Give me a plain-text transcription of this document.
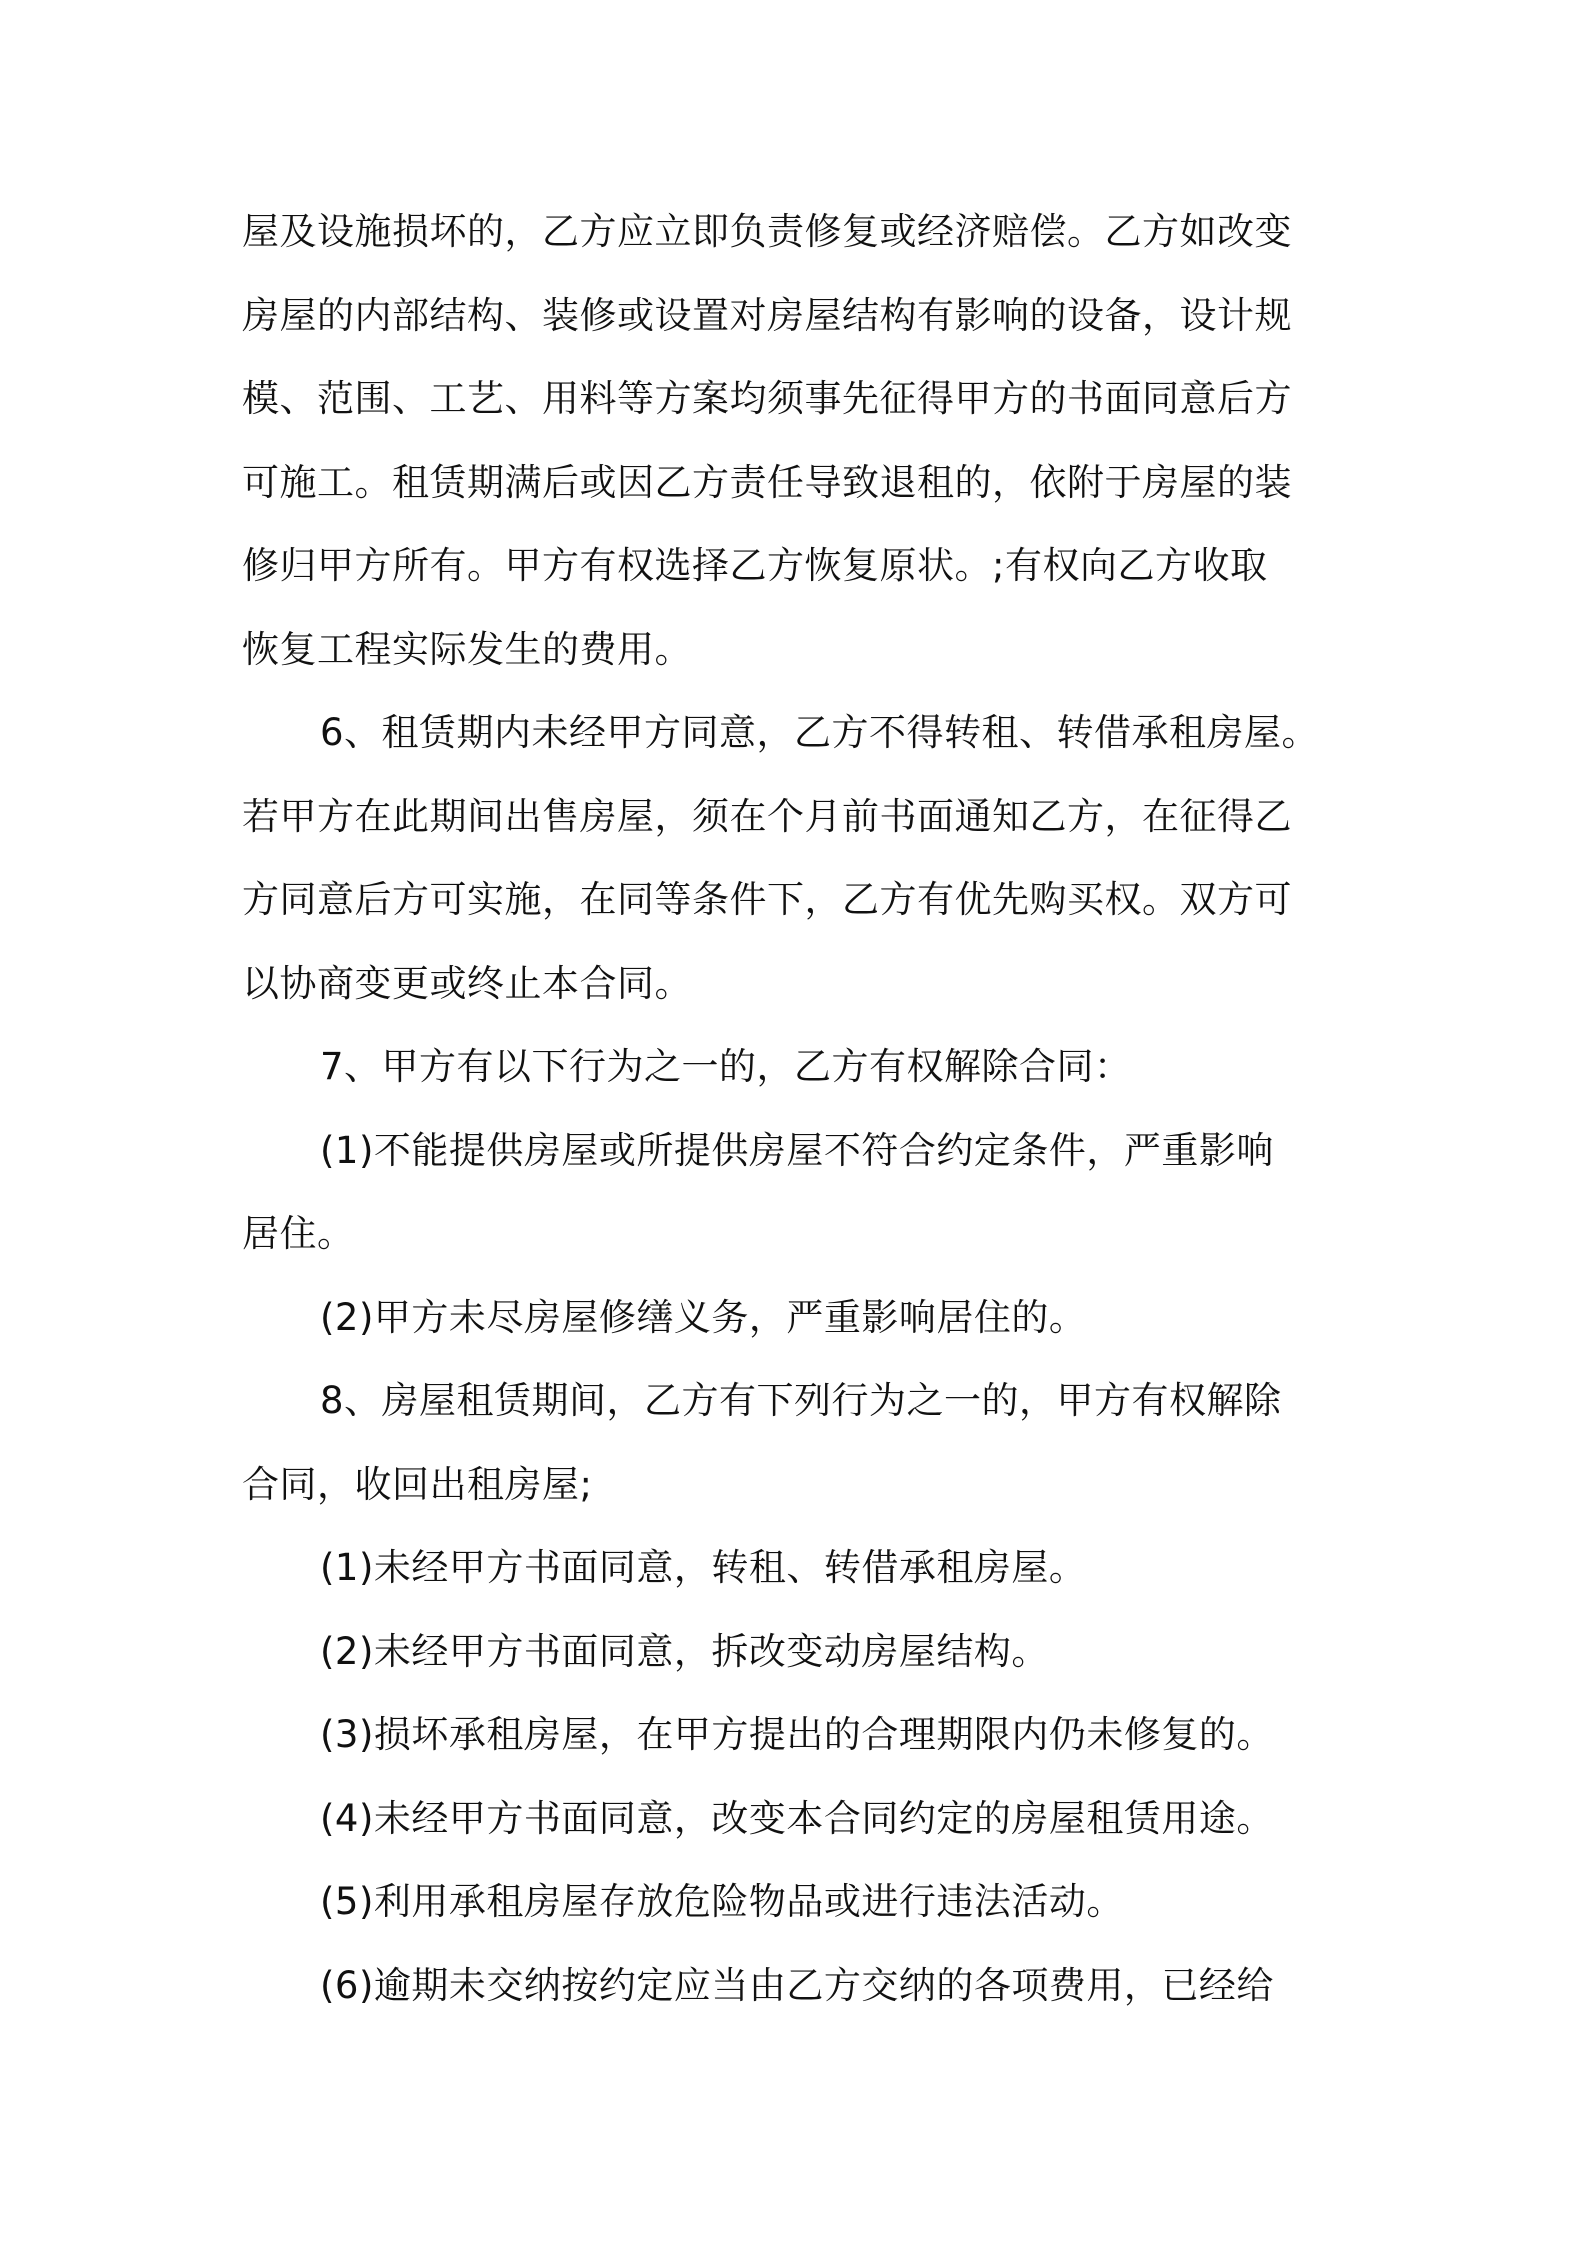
屋及设施损坏的，乙方应立即负责修复或经济赔偿。乙方如改变
房屋的内部结构、装修或设置对房屋结构有影响的设备，设计规
模、范围、工艺、用料等方案均须事先征得甲方的书面同意后方
可施工。租赁期满后或因乙方责任导致退租的，依附于房屋的装
修归甲方所有。甲方有权选择乙方恢复原状。;有权向乙方收取
恢复工程实际发生的费用。
6、租赁期内未经甲方同意，乙方不得转租、转借承租房屋。
若甲方在此期间出售房屋，须在个月前书面通知乙方，在征得乙
方同意后方可实施，在同等条件下，乙方有优先购买权。双方可
以协商变更或终止本合同。
7、甲方有以下行为之一的，乙方有权解除合同：
(1)不能提供房屋或所提供房屋不符合约定条件，严重影响
居住。
(2)甲方未尽房屋修缮义务，严重影响居住的。
8、房屋租赁期间，乙方有下列行为之一的，甲方有权解除
合同，收回出租房屋;
(1)未经甲方书面同意，转租、转借承租房屋。
(2)未经甲方书面同意，拆改变动房屋结构。
(3)损坏承租房屋，在甲方提出的合理期限内仍未修复的。
(4)未经甲方书面同意，改变本合同约定的房屋租赁用途。
(5)利用承租房屋存放危险物品或进行违法活动。
(6)逾期未交纳按约定应当由乙方交纳的各项费用，已经给
